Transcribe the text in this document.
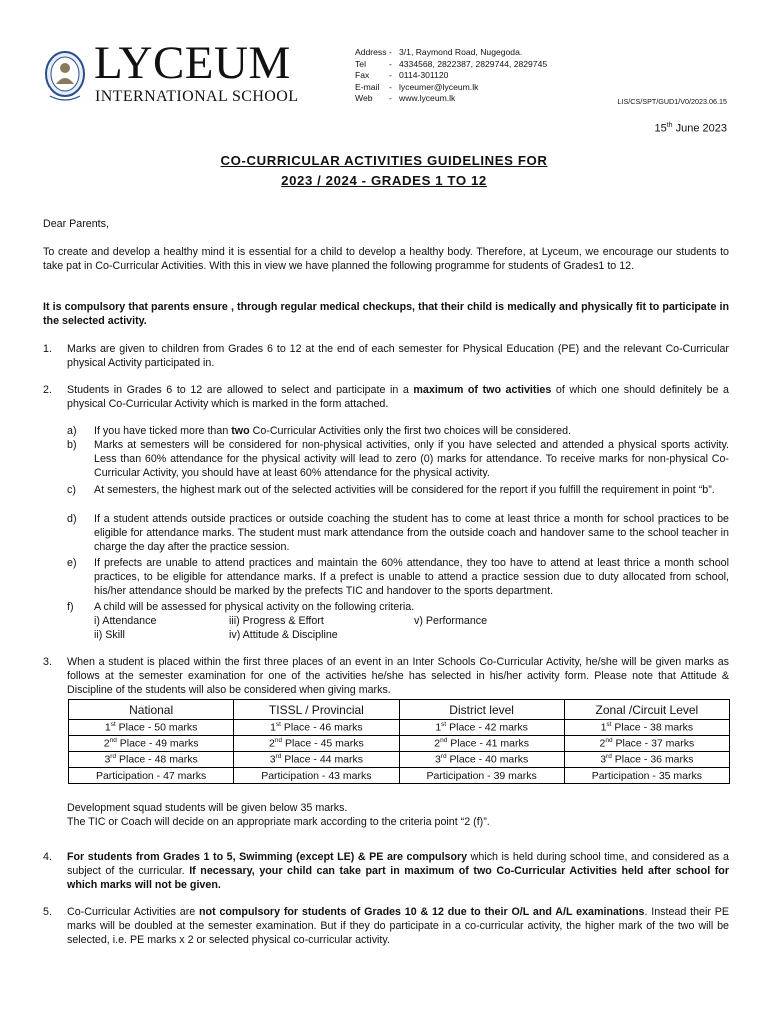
LYCEUM
INTERNATIONAL SCHOOL
Address - 3/1, Raymond Road, Nugegoda.
Tel	- 4334568, 2822387, 2829744, 2829745
Fax	- 0114-301120
E-mail	- lyceumer@lyceum.lk
Web	- www.lyceum.lk	LIS/CS/SPT/GUD1/V0/2023.06.15
15th June 2023
CO-CURRICULAR ACTIVITIES GUIDELINES FOR
2023 / 2024 - GRADES 1 TO 12
Dear Parents,
To create and develop a healthy mind it is essential for a child to develop a healthy body. Therefore, at Lyceum, we encourage our students to take pat in Co-Curricular Activities. With this in view we have planned the following programme for students of Grades1 to 12.
It is compulsory that parents ensure , through regular medical checkups, that their child is medically and physically fit to participate in the selected activity.
1. Marks are given to children from Grades 6 to 12 at the end of each semester for Physical Education (PE) and the relevant Co-Curricular physical Activity participated in.
2. Students in Grades 6 to 12 are allowed to select and participate in a maximum of two activities of which one should definitely be a physical Co-Curricular Activity which is marked in the form attached.
a) If you have ticked more than two Co-Curricular Activities only the first two choices will be considered.
b) Marks at semesters will be considered for non-physical activities, only if you have selected and attended a physical sports activity. Less than 60% attendance for the physical activity will lead to zero (0) marks for attendance. To receive marks for non-physical Co-Curricular Activity, you should have at least 60% attendance for the physical activity.
c) At semesters, the highest mark out of the selected activities will be considered for the report if you fulfill the requirement in point “b”.
d) If a student attends outside practices or outside coaching the student has to come at least thrice a month for school practices to be eligible for attendance marks. The student must mark attendance from the outside coach and handover same to the school teacher in charge the day after the practice session.
e) If prefects are unable to attend practices and maintain the 60% attendance, they too have to attend at least thrice a month school practices, to be eligible for attendance marks. If a prefect is unable to attend a practice session due to duty allocated from school, his/her attendance should be marked by the prefects TIC and handover to the sports department.
f) A child will be assessed for physical activity on the following criteria.
i) Attendance	iii) Progress & Effort	v) Performance
ii) Skill	iv) Attitude & Discipline
3. When a student is placed within the first three places of an event in an Inter Schools Co-Curricular Activity, he/she will be given marks as follows at the semester examination for one of the activities he/she has selected in his/her activity form. Please note that Attitude & Discipline of the students will also be considered when giving marks.
National	TISSL / Provincial	District level	Zonal /Circuit Level
1st Place - 50 marks	1st Place - 46 marks	1st Place - 42 marks	1st Place - 38 marks
2nd Place - 49 marks	2nd Place - 45 marks	2nd Place - 41 marks	2nd Place - 37 marks
3rd Place - 48 marks	3rd Place - 44 marks	3rd Place - 40 marks	3rd Place - 36 marks
Participation - 47 marks	Participation - 43 marks	Participation - 39 marks	Participation - 35 marks
Development squad students will be given below 35 marks.
The TIC or Coach will decide on an appropriate mark according to the criteria point “2 (f)”.
4. For students from Grades 1 to 5, Swimming (except LE) & PE are compulsory which is held during school time, and considered as a subject of the curricular. If necessary, your child can take part in maximum of two Co-Curricular Activities held after school for which marks will not be given.
5. Co-Curricular Activities are not compulsory for students of Grades 10 & 12 due to their O/L and A/L examinations. Instead their PE marks will be doubled at the semester examination. But if they do participate in a co-curricular activity, the higher mark of the two will be selected, i.e. PE marks x 2 or selected physical co-curricular activity.
